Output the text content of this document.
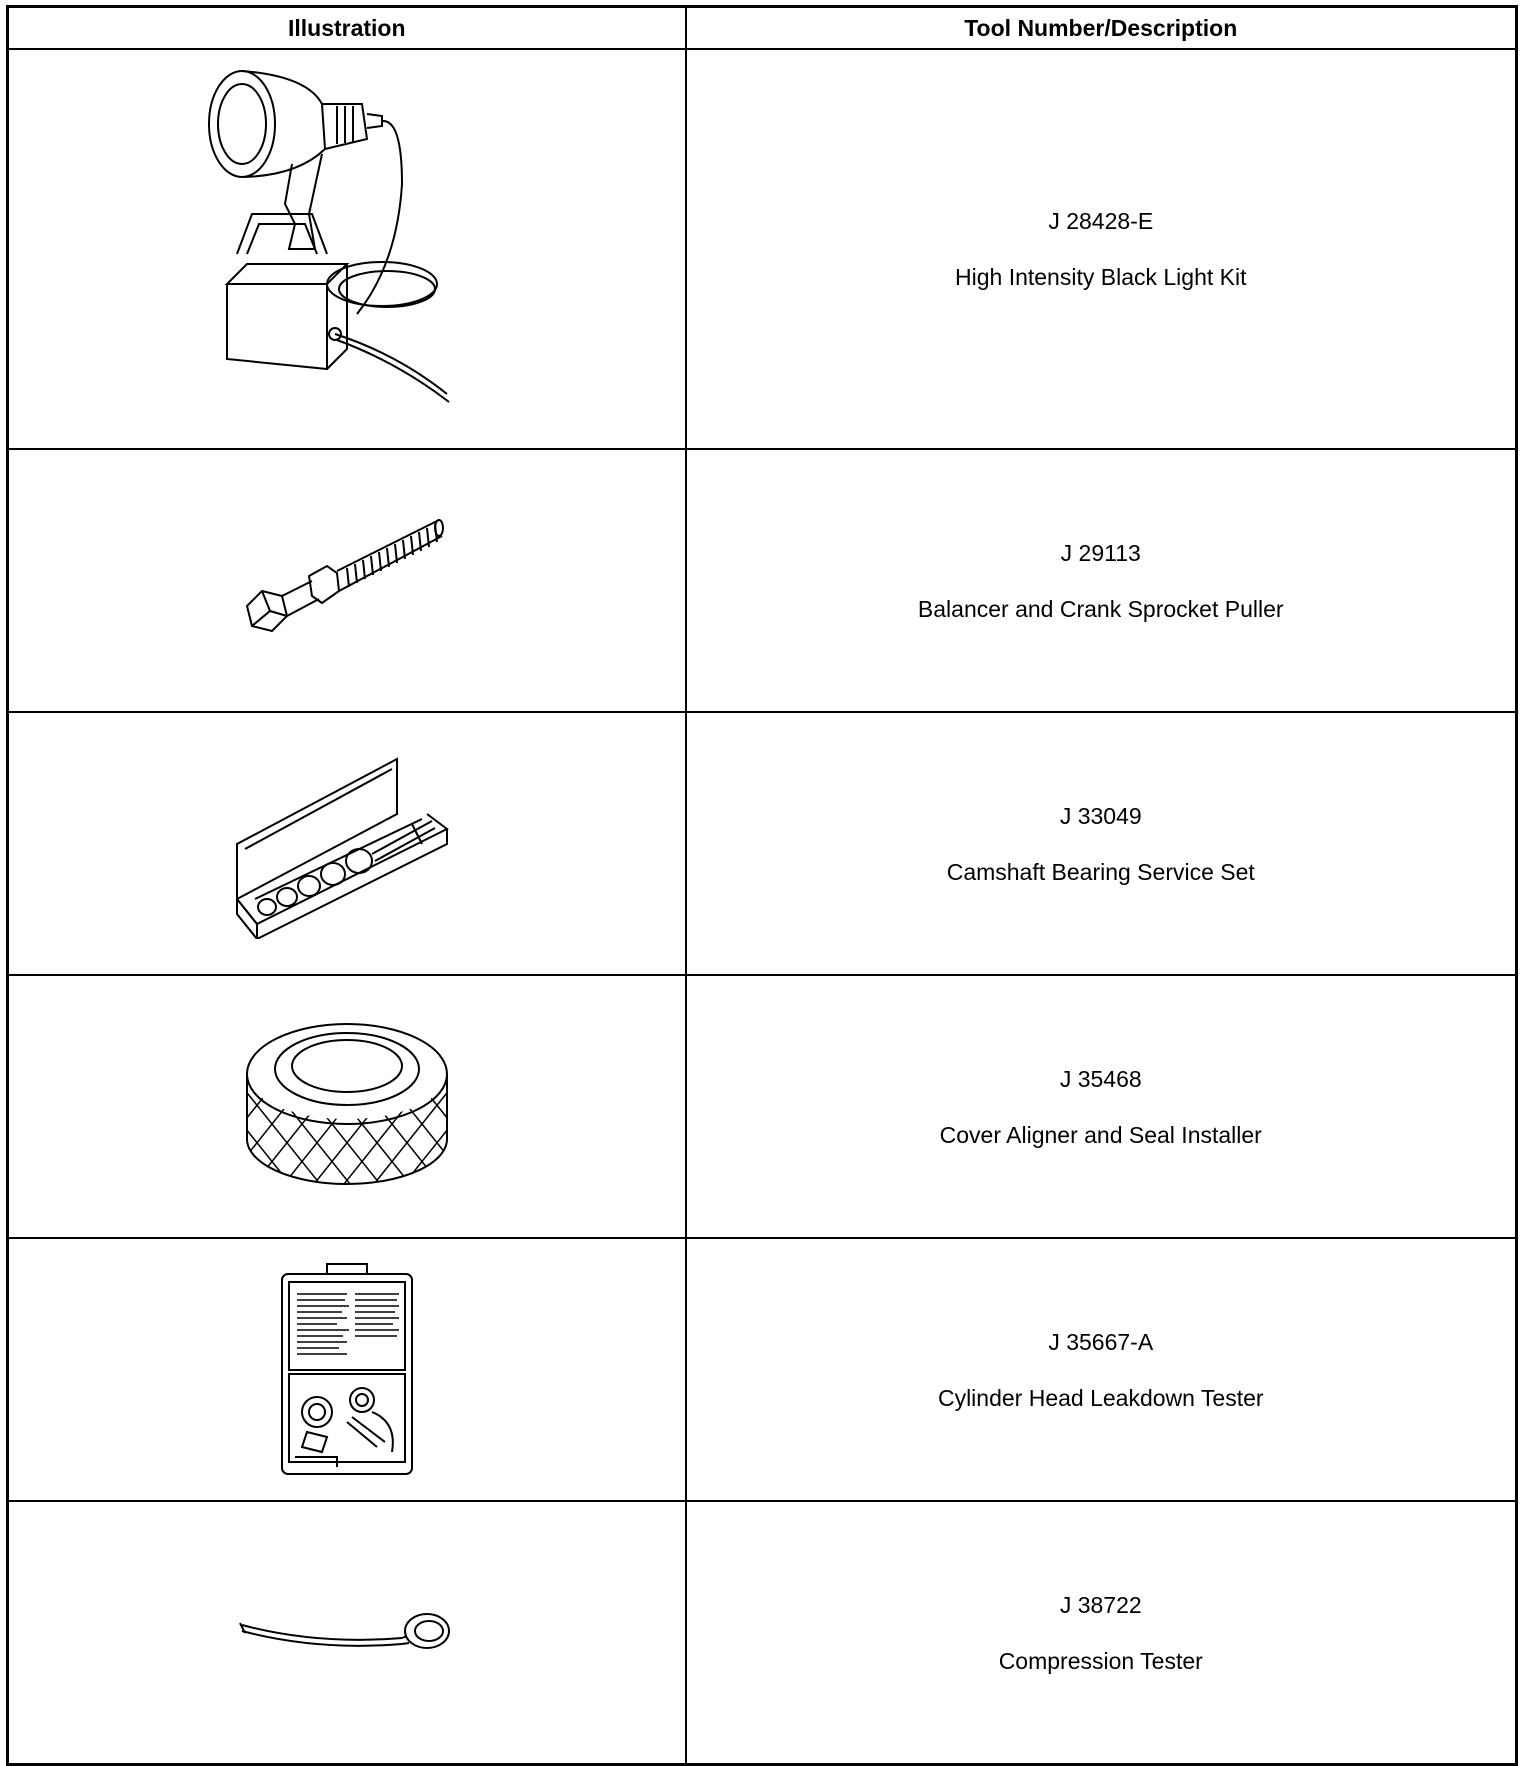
Illustration	Tool Number/Description

J 28428-E
High Intensity Black Light Kit

J 29113
Balancer and Crank Sprocket Puller

J 33049
Camshaft Bearing Service Set

J 35468
Cover Aligner and Seal Installer

J 35667-A
Cylinder Head Leakdown Tester

J 38722
Compression Tester
